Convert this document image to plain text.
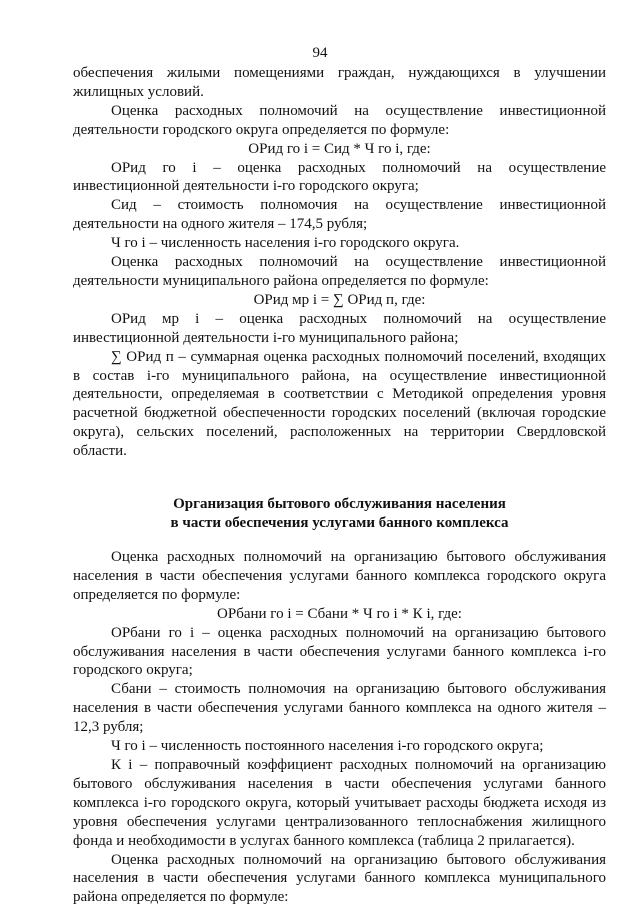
94

обеспечения жилыми помещениями граждан, нуждающихся в улучшении жилищных условий.

Оценка расходных полномочий на осуществление инвестиционной деятельности городского округа определяется по формуле:

ОРид го i = Сид * Ч го i, где:

ОРид го i – оценка расходных полномочий на осуществление инвестиционной деятельности i-го городского округа;

Сид – стоимость полномочия на осуществление инвестиционной деятельности на одного жителя – 174,5 рубля;

Ч го i – численность населения i-го городского округа.

Оценка расходных полномочий на осуществление инвестиционной деятельности муниципального района определяется по формуле:

ОРид мр i = ∑ ОРид п, где:

ОРид мр i – оценка расходных полномочий на осуществление инвестиционной деятельности i-го муниципального района;

∑ ОРид п – суммарная оценка расходных полномочий поселений, входящих в состав i-го муниципального района, на осуществление инвестиционной деятельности, определяемая в соответствии с Методикой определения уровня расчетной бюджетной обеспеченности городских поселений (включая городские округа), сельских поселений, расположенных на территории Свердловской области.

Организация бытового обслуживания населения
в части обеспечения услугами банного комплекса

Оценка расходных полномочий на организацию бытового обслуживания населения в части обеспечения услугами банного комплекса городского округа определяется по формуле:

ОРбани го i = Сбани * Ч го i * К i, где:

ОРбани го i – оценка расходных полномочий на организацию бытового обслуживания населения в части обеспечения услугами банного комплекса i-го городского округа;

Сбани – стоимость полномочия на организацию бытового обслуживания населения в части обеспечения услугами банного комплекса на одного жителя – 12,3 рубля;

Ч го i – численность постоянного населения i-го городского округа;

К i – поправочный коэффициент расходных полномочий на организацию бытового обслуживания населения в части обеспечения услугами банного комплекса i-го городского округа, который учитывает расходы бюджета исходя из уровня обеспечения услугами централизованного теплоснабжения жилищного фонда и необходимости в услугах банного комплекса (таблица 2 прилагается).

Оценка расходных полномочий на организацию бытового обслуживания населения в части обеспечения услугами банного комплекса муниципального района определяется по формуле:
